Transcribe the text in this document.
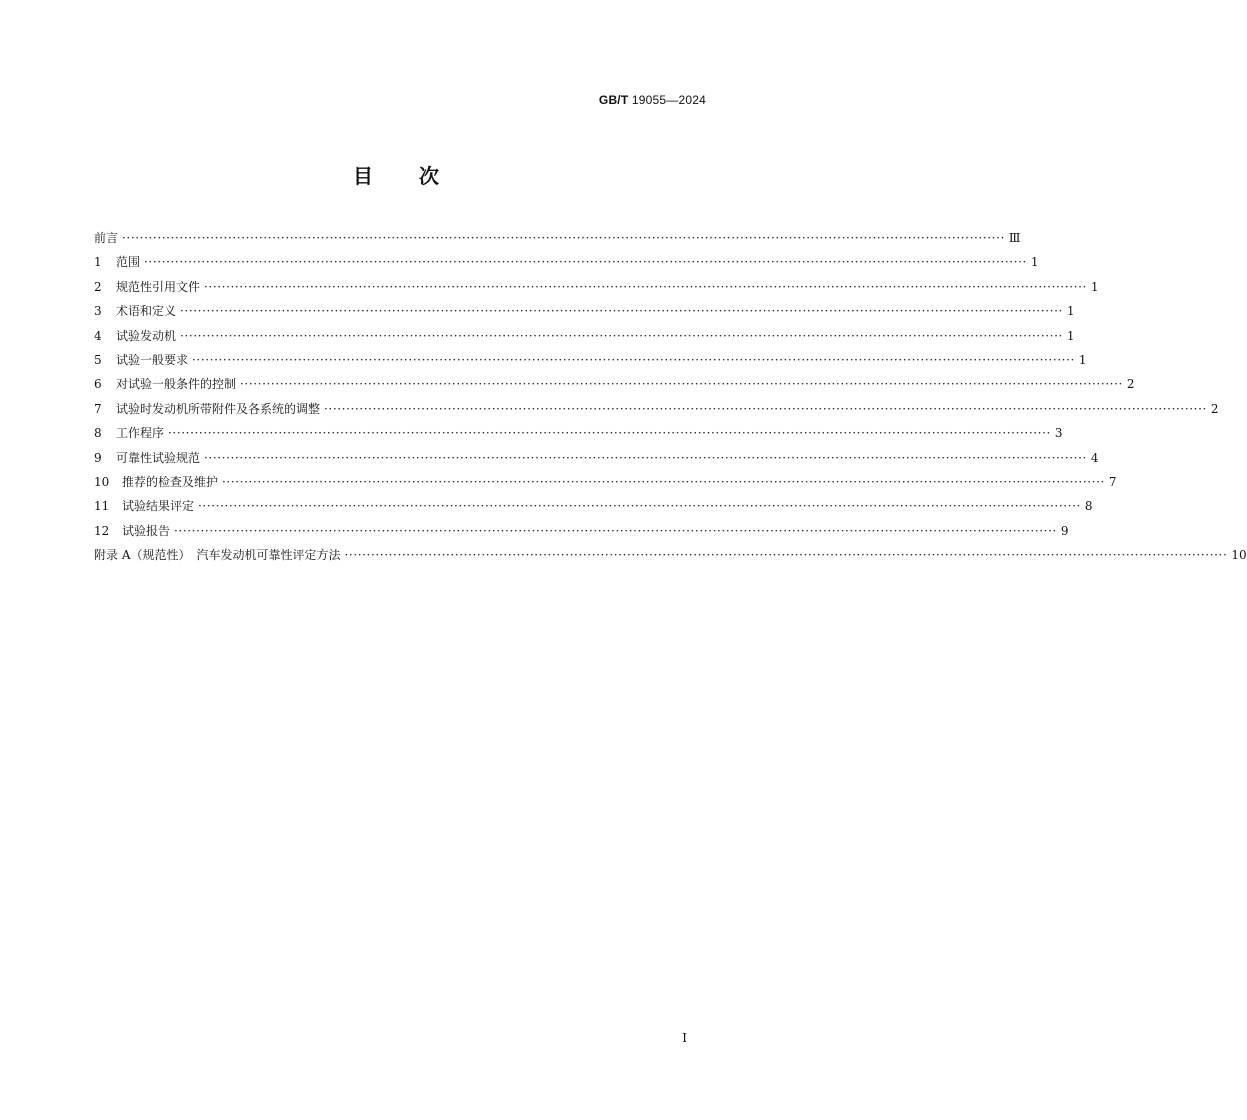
GB/T 19055—2024
目 次
前言 ········································································································································································································ Ⅲ
1	范围 ········································································································································································································ 1
2	规范性引用文件 ········································································································································································································ 1
3	术语和定义 ········································································································································································································ 1
4	试验发动机 ········································································································································································································ 1
5	试验一般要求 ········································································································································································································ 1
6	对试验一般条件的控制 ········································································································································································································ 2
7	试验时发动机所带附件及各系统的调整 ········································································································································································································ 2
8	工作程序 ········································································································································································································ 3
9	可靠性试验规范 ········································································································································································································ 4
10	推荐的检查及维护 ········································································································································································································ 7
11	试验结果评定 ········································································································································································································ 8
12	试验报告 ········································································································································································································ 9
附录 A（规范性）　汽车发动机可靠性评定方法 ········································································································································································································ 10
I
